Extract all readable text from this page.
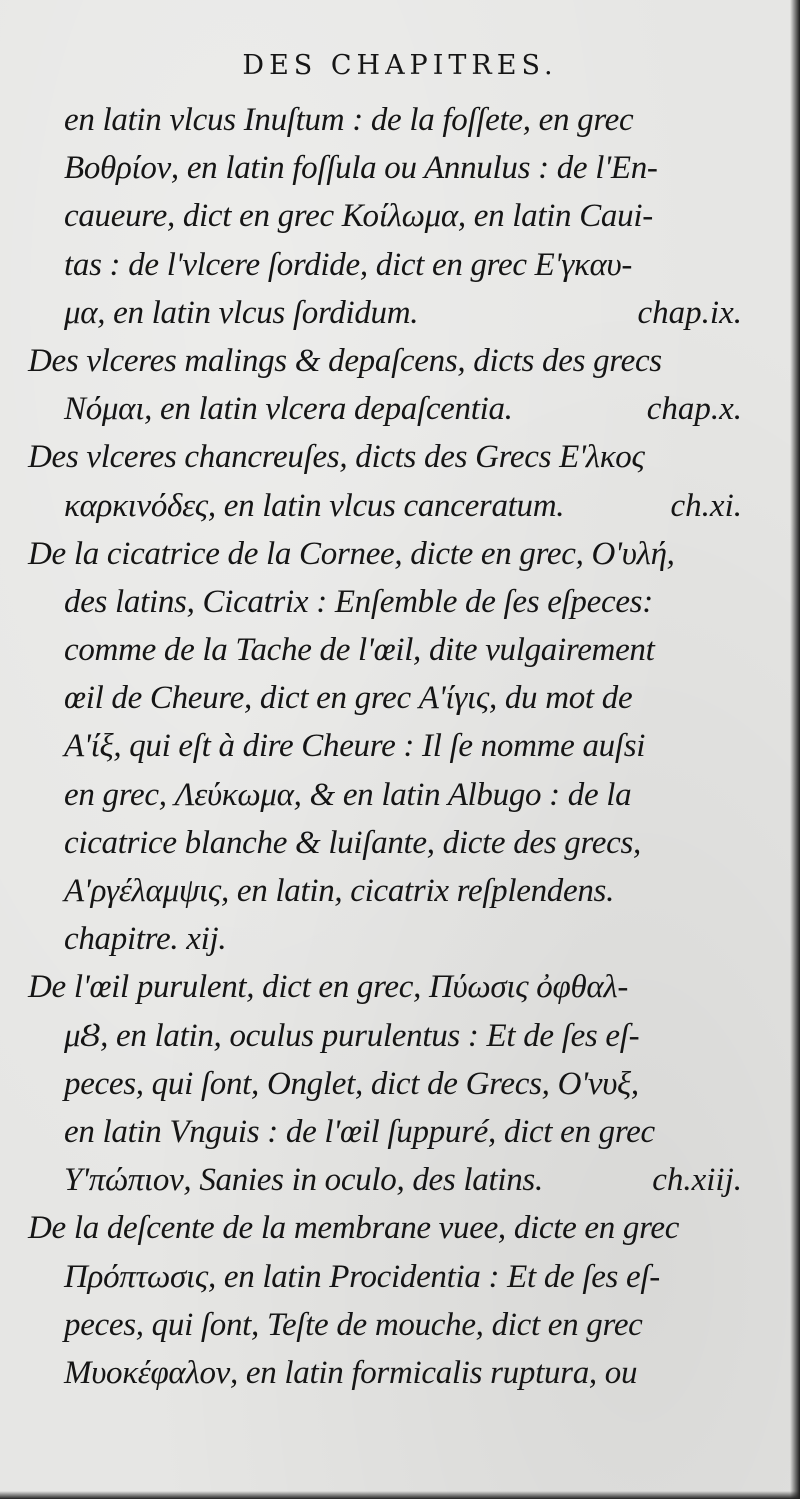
DES CHAPITRES.
en latin vlcus Inuſtum : de la foſſete, en grec
Βοθρίον, en latin foſſula ou Annulus : de l'En-
caueure, dict en grec Κοίλωμα, en latin Caui-
tas : de l'vlcere ſordide, dict en grec Ε'γκαυ-
μα, en latin vlcus ſordidum.	chap.ix.
Des vlceres malings & depaſcens, dicts des grecs
Νόμαι, en latin vlcera depaſcentia.	chap.x.
Des vlceres chancreuſes, dicts des Grecs Ε'λκος
καρκινόδες, en latin vlcus canceratum.	ch.xi.
De la cicatrice de la Cornee, dicte en grec, Ο'υλή,
des latins, Cicatrix : Enſemble de ſes eſpeces:
comme de la Tache de l'œil, dite vulgairement
œil de Cheure, dict en grec Α'ίγις, du mot de
Α'ίξ, qui eſt à dire Cheure : Il ſe nomme auſsi
en grec, Λεύκωμα, & en latin Albugo : de la
cicatrice blanche & luiſante, dicte des grecs,
Α'ργέλαμψις, en latin, cicatrix reſplendens.
chapitre. xij.
De l'œil purulent, dict en grec, Πύωσις ὀφθαλ-
μȢ, en latin, oculus purulentus : Et de ſes eſ-
peces, qui ſont, Onglet, dict de Grecs, Ο'νυξ,
en latin Vnguis : de l'œil ſuppuré, dict en grec
Υ'πώπιον, Sanies in oculo, des latins.	ch.xiij.
De la deſcente de la membrane vuee, dicte en grec
Πρόπτωσις, en latin Procidentia : Et de ſes eſ-
peces, qui ſont, Teſte de mouche, dict en grec
Μυοκέφαλον, en latin formicalis ruptura, ou
